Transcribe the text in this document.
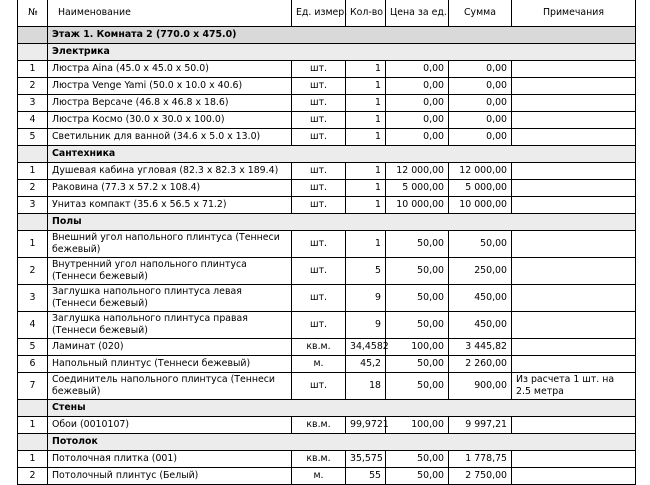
№	Наименование	Ед. измер.	Кол-во	Цена за ед.	Сумма	Примечания
	Этаж 1. Комната 2 (770.0 x 475.0)					
	Электрика					
1	Люстра Aina (45.0 x 45.0 x 50.0)	шт.	1	0,00	0,00	
2	Люстра Venge Yami (50.0 x 10.0 x 40.6)	шт.	1	0,00	0,00	
3	Люстра Версаче (46.8 x 46.8 x 18.6)	шт.	1	0,00	0,00	
4	Люстра Космо (30.0 x 30.0 x 100.0)	шт.	1	0,00	0,00	
5	Светильник для ванной (34.6 x 5.0 x 13.0)	шт.	1	0,00	0,00	
	Сантехника					
1	Душевая кабина угловая (82.3 x 82.3 x 189.4)	шт.	1	12 000,00	12 000,00	
2	Раковина (77.3 x 57.2 x 108.4)	шт.	1	5 000,00	5 000,00	
3	Унитаз компакт (35.6 x 56.5 x 71.2)	шт.	1	10 000,00	10 000,00	
	Полы					
1	Внешний угол напольного плинтуса (Теннеси бежевый)	шт.	1	50,00	50,00	
2	Внутренний угол напольного плинтуса (Теннеси бежевый)	шт.	5	50,00	250,00	
3	Заглушка напольного плинтуса левая (Теннеси бежевый)	шт.	9	50,00	450,00	
4	Заглушка напольного плинтуса правая (Теннеси бежевый)	шт.	9	50,00	450,00	
5	Ламинат (020)	кв.м.	34,4582	100,00	3 445,82	
6	Напольный плинтус (Теннеси бежевый)	м.	45,2	50,00	2 260,00	
7	Соединитель напольного плинтуса (Теннеси бежевый)	шт.	18	50,00	900,00	Из расчета 1 шт. на 2.5 метра
	Стены					
1	Обои (0010107)	кв.м.	99,9721	100,00	9 997,21	
	Потолок					
1	Потолочная плитка (001)	кв.м.	35,575	50,00	1 778,75	
2	Потолочный плинтус (Белый)	м.	55	50,00	2 750,00	
